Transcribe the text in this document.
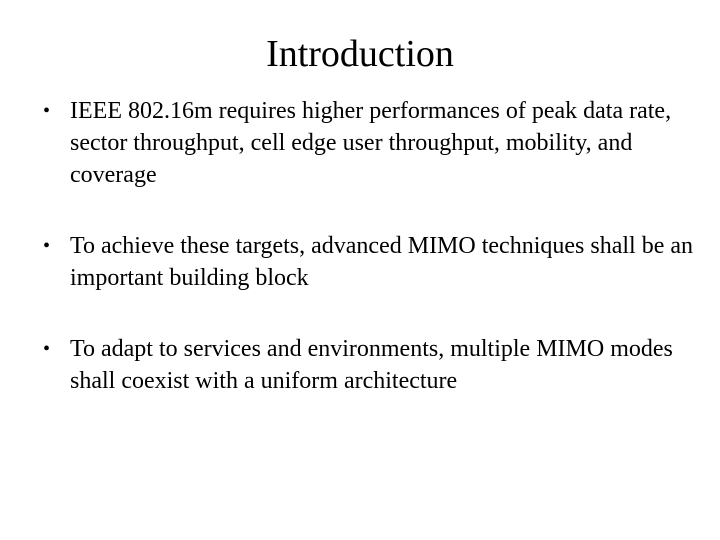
Introduction
• IEEE 802.16m requires higher performances of peak data rate, sector throughput, cell edge user throughput, mobility, and coverage
• To achieve these targets, advanced MIMO techniques shall be an important building block
• To adapt to services and environments, multiple MIMO modes shall coexist with a uniform architecture
